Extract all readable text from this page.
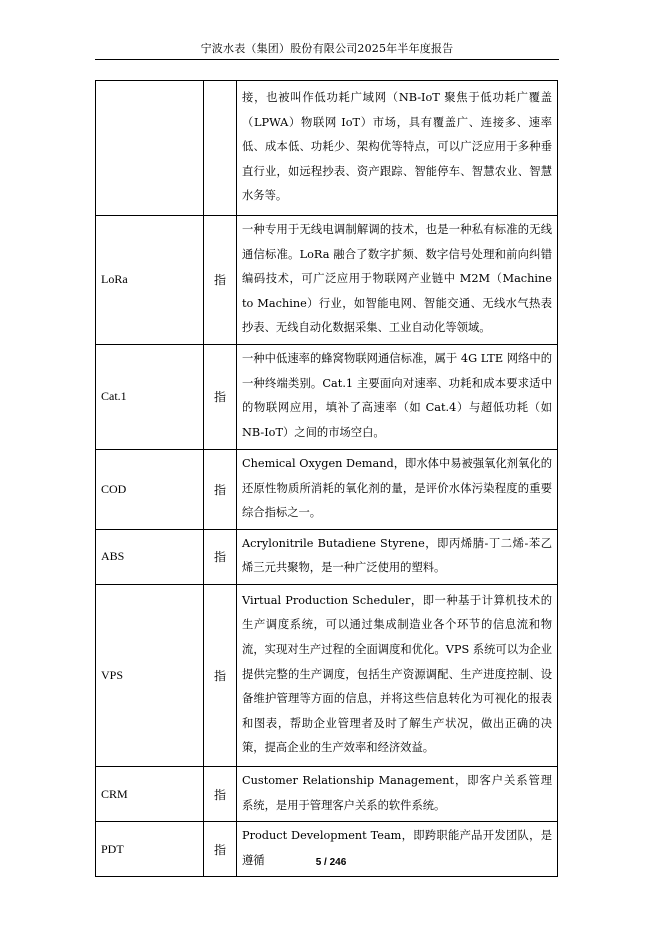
宁波水表（集团）股份有限公司2025年半年度报告

		接，也被叫作低功耗广域网（NB-IoT 聚焦于低功耗广覆盖（LPWA）物联网 IoT）市场，具有覆盖广、连接多、速率低、成本低、功耗少、架构优等特点，可以广泛应用于多种垂直行业，如远程抄表、资产跟踪、智能停车、智慧农业、智慧水务等。

LoRa	指	一种专用于无线电调制解调的技术，也是一种私有标准的无线通信标准。LoRa 融合了数字扩频、数字信号处理和前向纠错编码技术，可广泛应用于物联网产业链中 M2M（Machine to Machine）行业，如智能电网、智能交通、无线水气热表抄表、无线自动化数据采集、工业自动化等领域。

Cat.1	指	一种中低速率的蜂窝物联网通信标准，属于 4G LTE 网络中的一种终端类别。Cat.1 主要面向对速率、功耗和成本要求适中的物联网应用，填补了高速率（如 Cat.4）与超低功耗（如 NB-IoT）之间的市场空白。

COD	指	Chemical Oxygen Demand，即水体中易被强氧化剂氧化的还原性物质所消耗的氧化剂的量，是评价水体污染程度的重要综合指标之一。

ABS	指	Acrylonitrile Butadiene Styrene，即丙烯腈-丁二烯-苯乙烯三元共聚物，是一种广泛使用的塑料。

VPS	指	Virtual Production Scheduler，即一种基于计算机技术的生产调度系统，可以通过集成制造业各个环节的信息流和物流，实现对生产过程的全面调度和优化。VPS 系统可以为企业提供完整的生产调度，包括生产资源调配、生产进度控制、设备维护管理等方面的信息，并将这些信息转化为可视化的报表和图表，帮助企业管理者及时了解生产状况，做出正确的决策，提高企业的生产效率和经济效益。

CRM	指	Customer Relationship Management，即客户关系管理系统，是用于管理客户关系的软件系统。

PDT	指	Product Development Team，即跨职能产品开发团队，是遵循	5 / 246
